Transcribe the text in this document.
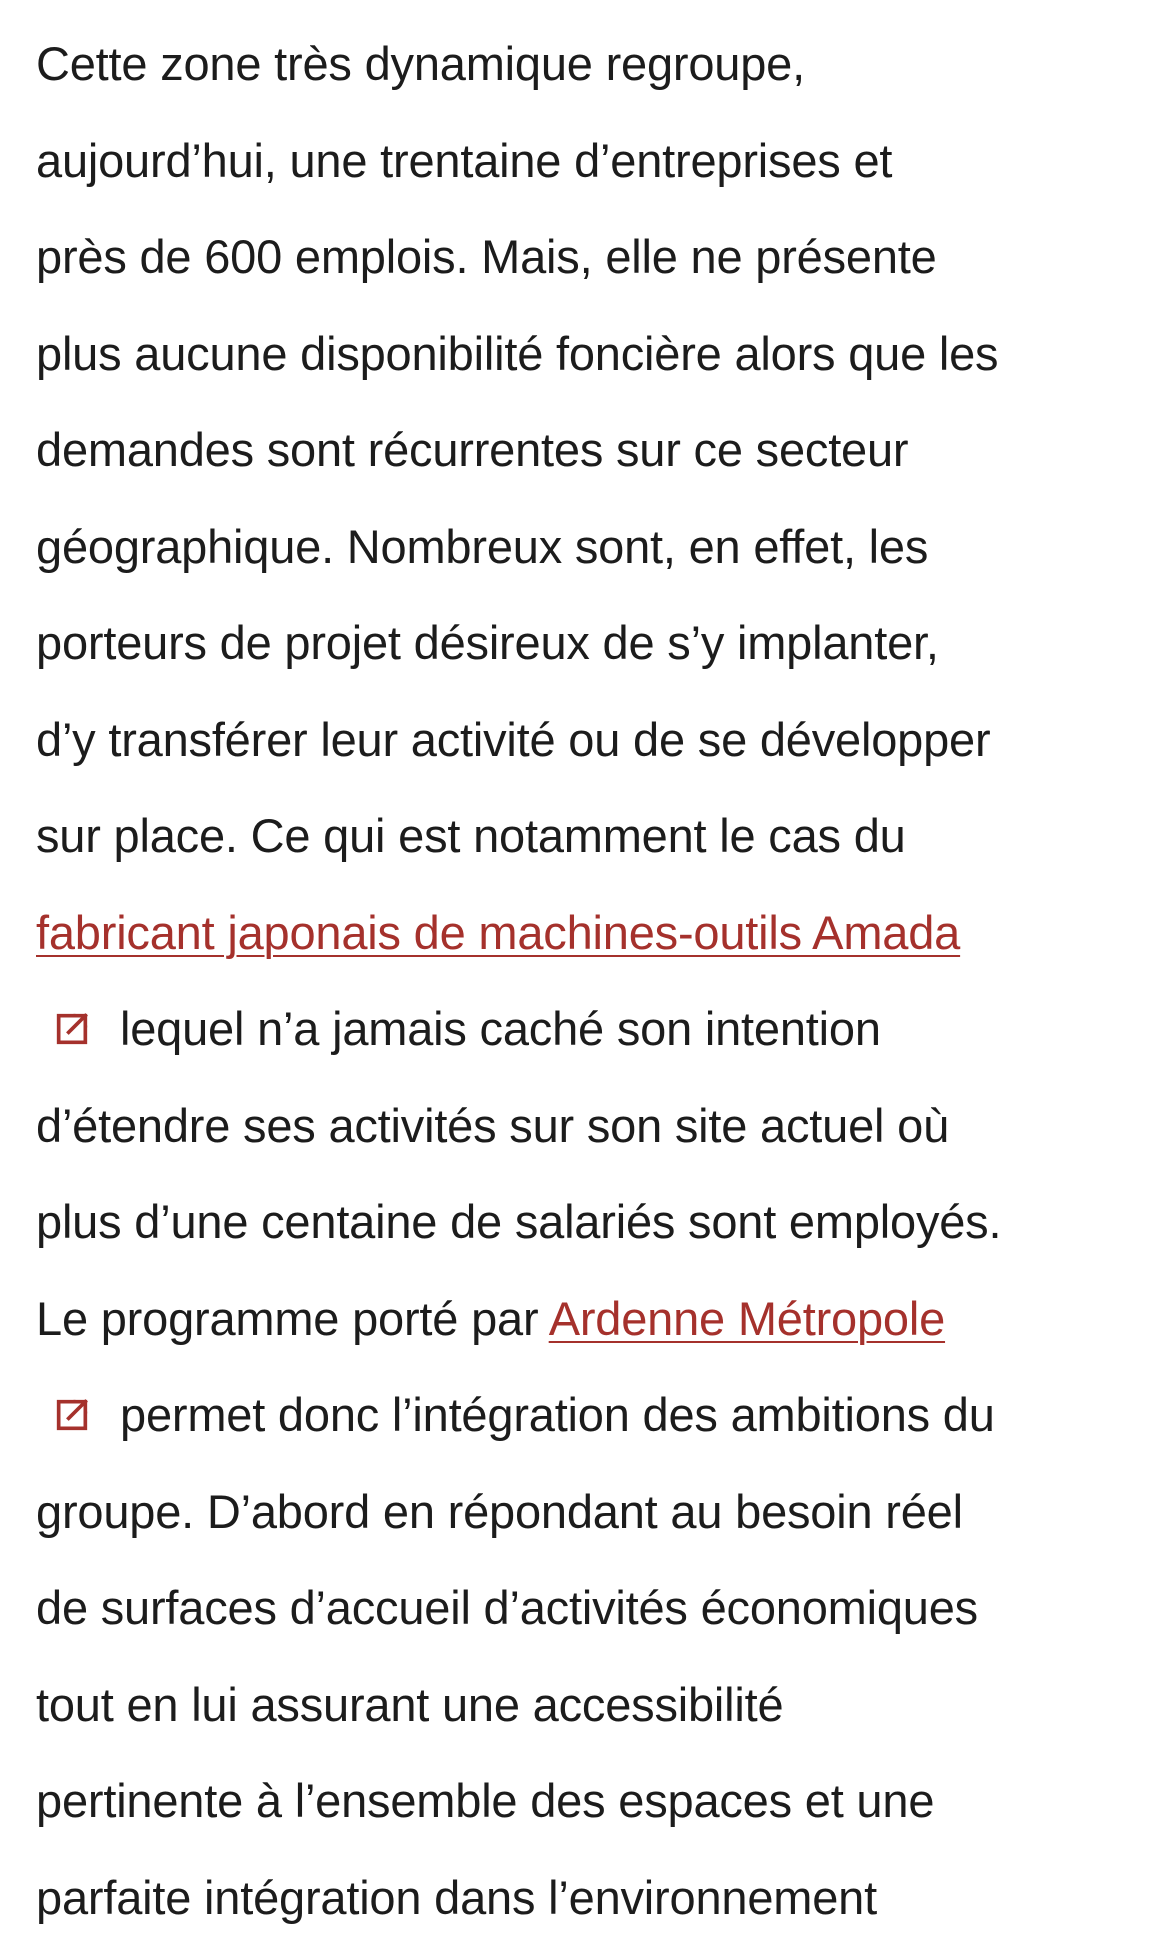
Cette zone très dynamique regroupe,
aujourd’hui, une trentaine d’entreprises et
près de 600 emplois. Mais, elle ne présente
plus aucune disponibilité foncière alors que les
demandes sont récurrentes sur ce secteur
géographique. Nombreux sont, en effet, les
porteurs de projet désireux de s’y implanter,
d’y transférer leur activité ou de se développer
sur place. Ce qui est notamment le cas du
fabricant japonais de machines-outils Amada
lequel n’a jamais caché son intention
d’étendre ses activités sur son site actuel où
plus d’une centaine de salariés sont employés.
Le programme porté par Ardenne Métropole
permet donc l’intégration des ambitions du
groupe. D’abord en répondant au besoin réel
de surfaces d’accueil d’activités économiques
tout en lui assurant une accessibilité
pertinente à l’ensemble des espaces et une
parfaite intégration dans l’environnement
